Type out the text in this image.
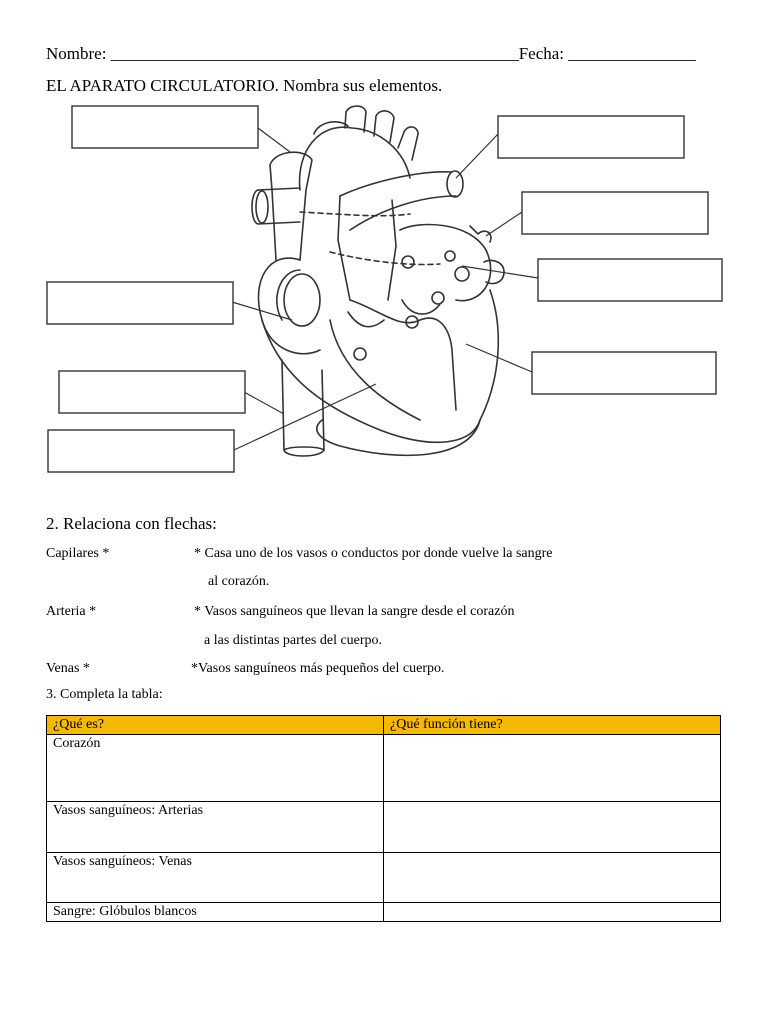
Nombre: ________________________________________________Fecha: _______________
EL APARATO CIRCULATORIO. Nombra sus elementos.
2. Relaciona con flechas:
Capilares *	* Casa uno de los vasos o conductos por donde vuelve la sangre
al corazón.
Arteria *	* Vasos sanguíneos que llevan la sangre desde el corazón
a las distintas partes del cuerpo.
Venas *	*Vasos sanguíneos más pequeños del cuerpo.
3. Completa la tabla:
¿Qué es?	¿Qué función tiene?
Corazón	
Vasos sanguíneos: Arterias	
Vasos sanguíneos: Venas	
Sangre: Glóbulos blancos	
